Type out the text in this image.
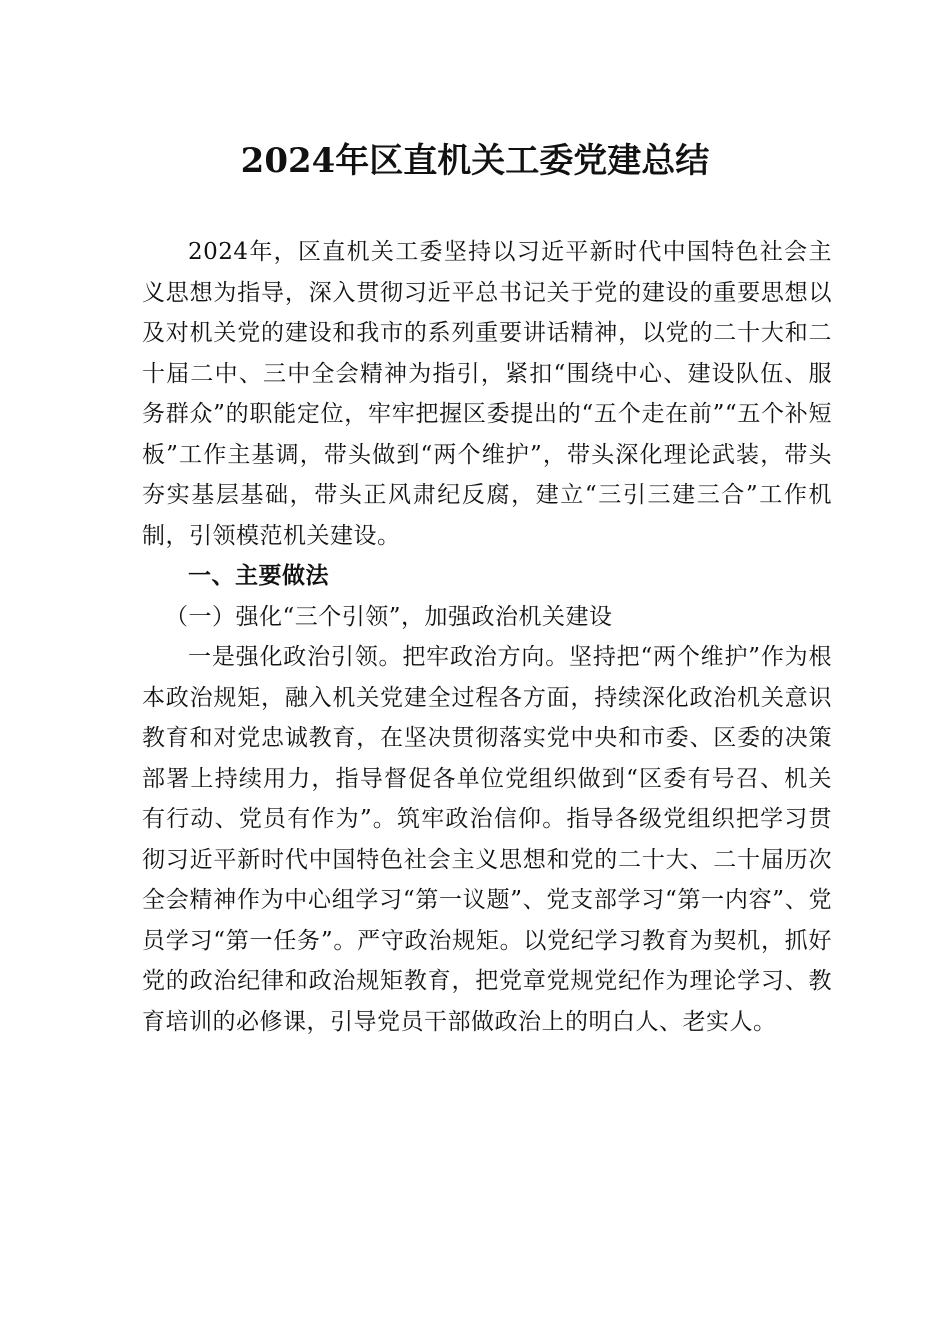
2024年区直机关工委党建总结

2024年，区直机关工委坚持以习近平新时代中国特色社会主义思想为指导，深入贯彻习近平总书记关于党的建设的重要思想以及对机关党的建设和我市的系列重要讲话精神，以党的二十大和二十届二中、三中全会精神为指引，紧扣“围绕中心、建设队伍、服务群众”的职能定位，牢牢把握区委提出的“五个走在前”“五个补短板”工作主基调，带头做到“两个维护”，带头深化理论武装，带头夯实基层基础，带头正风肃纪反腐，建立“三引三建三合”工作机制，引领模范机关建设。

一、主要做法

（一）强化“三个引领”，加强政治机关建设

一是强化政治引领。把牢政治方向。坚持把“两个维护”作为根本政治规矩，融入机关党建全过程各方面，持续深化政治机关意识教育和对党忠诚教育，在坚决贯彻落实党中央和市委、区委的决策部署上持续用力，指导督促各单位党组织做到“区委有号召、机关有行动、党员有作为”。筑牢政治信仰。指导各级党组织把学习贯彻习近平新时代中国特色社会主义思想和党的二十大、二十届历次全会精神作为中心组学习“第一议题”、党支部学习“第一内容”、党员学习“第一任务”。严守政治规矩。以党纪学习教育为契机，抓好党的政治纪律和政治规矩教育，把党章党规党纪作为理论学习、教育培训的必修课，引导党员干部做政治上的明白人、老实人。
